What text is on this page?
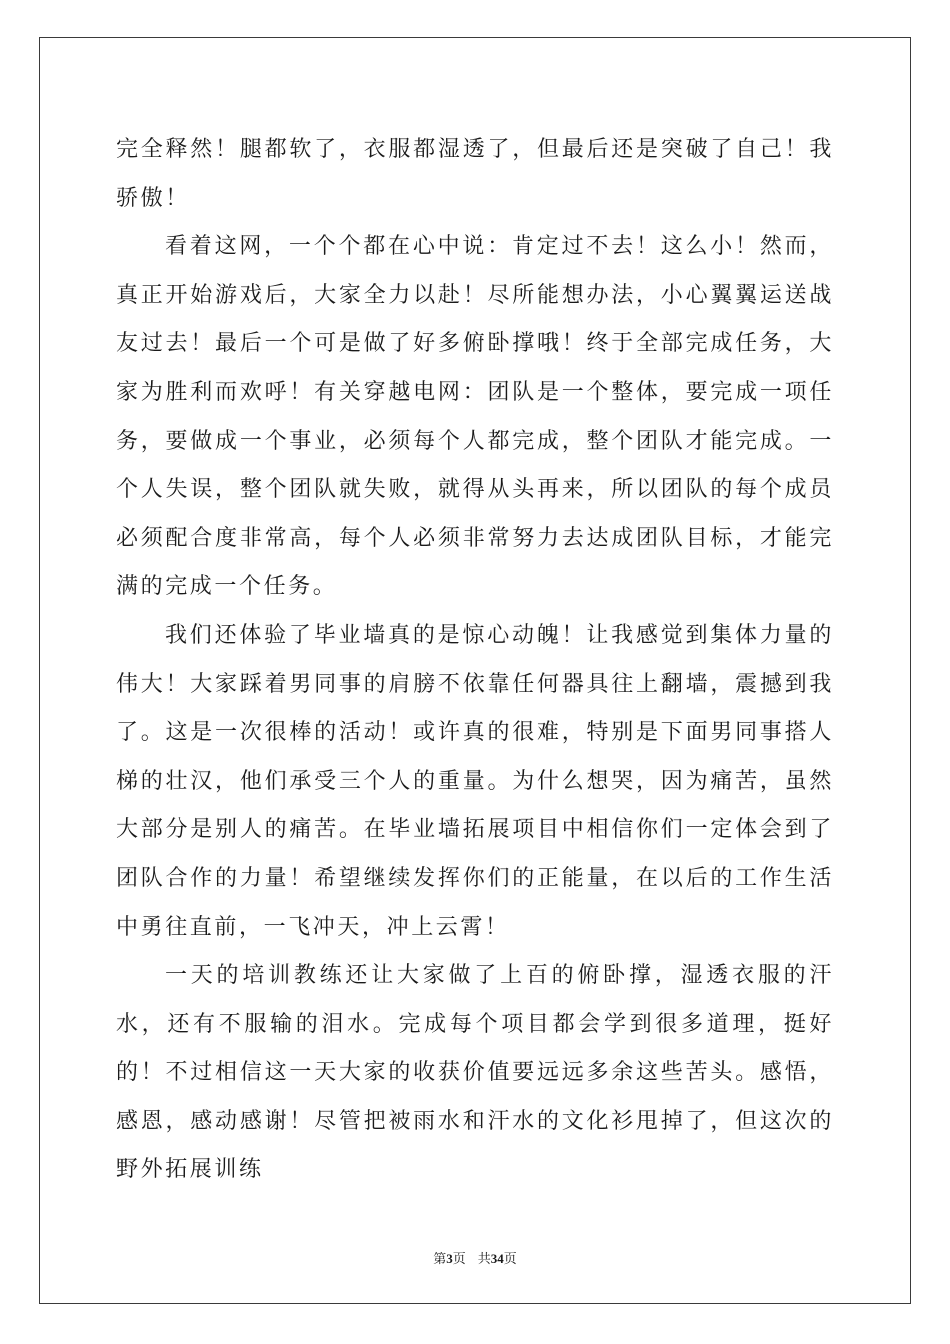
完全释然！腿都软了，衣服都湿透了，但最后还是突破了自己！我骄傲！

看着这网，一个个都在心中说：肯定过不去！这么小！然而，真正开始游戏后，大家全力以赴！尽所能想办法，小心翼翼运送战友过去！最后一个可是做了好多俯卧撑哦！终于全部完成任务，大家为胜利而欢呼！有关穿越电网：团队是一个整体，要完成一项任务，要做成一个事业，必须每个人都完成，整个团队才能完成。一个人失误，整个团队就失败，就得从头再来，所以团队的每个成员必须配合度非常高，每个人必须非常努力去达成团队目标，才能完满的完成一个任务。

我们还体验了毕业墙真的是惊心动魄！让我感觉到集体力量的伟大！大家踩着男同事的肩膀不依靠任何器具往上翻墙，震撼到我了。这是一次很棒的活动！或许真的很难，特别是下面男同事搭人梯的壮汉，他们承受三个人的重量。为什么想哭，因为痛苦，虽然大部分是别人的痛苦。在毕业墙拓展项目中相信你们一定体会到了团队合作的力量！希望继续发挥你们的正能量，在以后的工作生活中勇往直前，一飞冲天，冲上云霄！

一天的培训教练还让大家做了上百的俯卧撑，湿透衣服的汗水，还有不服输的泪水。完成每个项目都会学到很多道理，挺好的！不过相信这一天大家的收获价值要远远多余这些苦头。感悟，感恩，感动感谢！尽管把被雨水和汗水的文化衫甩掉了，但这次的野外拓展训练

第3页 共34页
